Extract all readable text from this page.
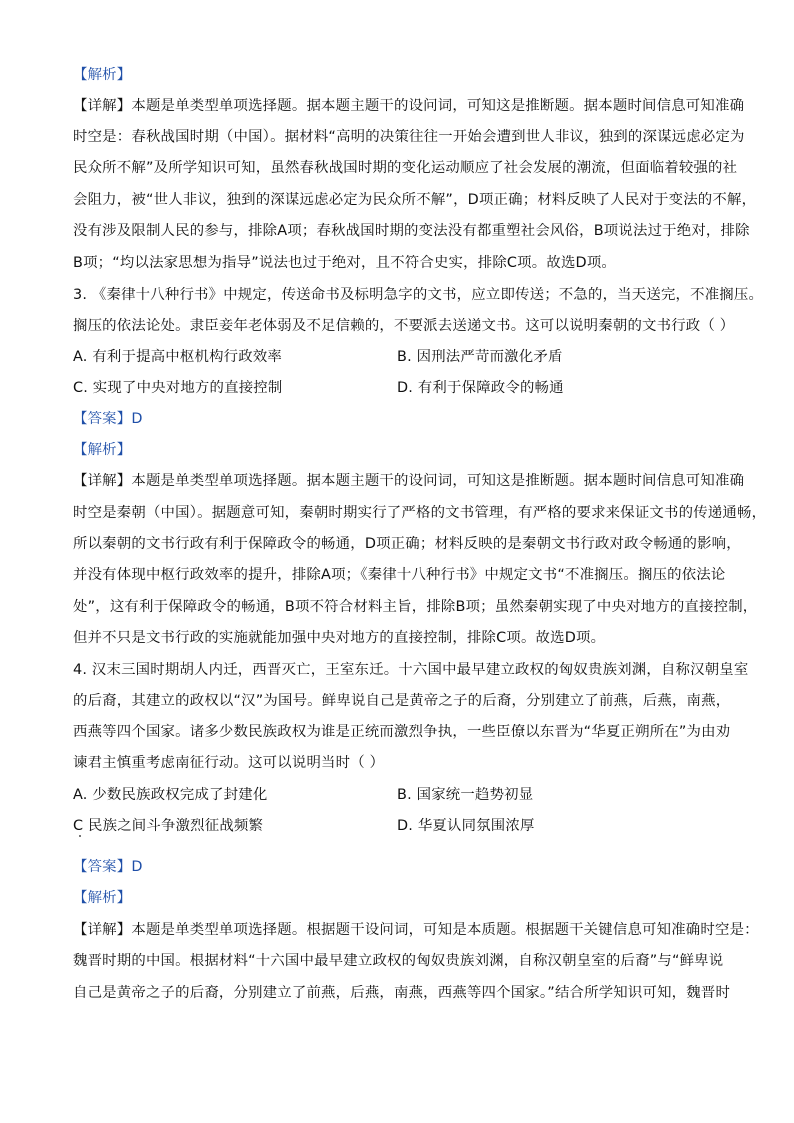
【解析】
【详解】本题是单类型单项选择题。据本题主题干的设问词，可知这是推断题。据本题时间信息可知准确
时空是：春秋战国时期（中国）。据材料“高明的决策往往一开始会遭到世人非议，独到的深谋远虑必定为
民众所不解”及所学知识可知，虽然春秋战国时期的变化运动顺应了社会发展的潮流，但面临着较强的社
会阻力，被“世人非议，独到的深谋远虑必定为民众所不解”，D项正确；材料反映了人民对于变法的不解，
没有涉及限制人民的参与，排除A项；春秋战国时期的变法没有都重塑社会风俗，B项说法过于绝对，排除
B项；“均以法家思想为指导”说法也过于绝对，且不符合史实，排除C项。故选D项。
3. 《秦律十八种行书》中规定，传送命书及标明急字的文书，应立即传送；不急的，当天送完，不准搁压。
搁压的依法论处。隶臣妾年老体弱及不足信赖的，不要派去送递文书。这可以说明秦朝的文书行政（ ）
A. 有利于提高中枢机构行政效率	B. 因刑法严苛而激化矛盾
C. 实现了中央对地方的直接控制	D. 有利于保障政令的畅通
【答案】D
【解析】
【详解】本题是单类型单项选择题。据本题主题干的设问词，可知这是推断题。据本题时间信息可知准确
时空是秦朝（中国）。据题意可知，秦朝时期实行了严格的文书管理，有严格的要求来保证文书的传递通畅，
所以秦朝的文书行政有利于保障政令的畅通，D项正确；材料反映的是秦朝文书行政对政令畅通的影响，
并没有体现中枢行政效率的提升，排除A项；《秦律十八种行书》中规定文书“不准搁压。搁压的依法论
处”，这有利于保障政令的畅通，B项不符合材料主旨，排除B项；虽然秦朝实现了中央对地方的直接控制，
但并不只是文书行政的实施就能加强中央对地方的直接控制，排除C项。故选D项。
4. 汉末三国时期胡人内迁，西晋灭亡，王室东迁。十六国中最早建立政权的匈奴贵族刘渊，自称汉朝皇室
的后裔，其建立的政权以“汉”为国号。鲜卑说自己是黄帝之子的后裔，分别建立了前燕，后燕，南燕，
西燕等四个国家。诸多少数民族政权为谁是正统而激烈争执，一些臣僚以东晋为“华夏正朔所在”为由劝
谏君主慎重考虑南征行动。这可以说明当时（ ）
A. 少数民族政权完成了封建化	B. 国家统一趋势初显
C 民族之间斗争激烈征战频繁	D. 华夏认同氛围浓厚
【答案】D
【解析】
【详解】本题是单类型单项选择题。根据题干设问词，可知是本质题。根据题干关键信息可知准确时空是：
魏晋时期的中国。根据材料“十六国中最早建立政权的匈奴贵族刘渊，自称汉朝皇室的后裔”与“鲜卑说
自己是黄帝之子的后裔，分别建立了前燕，后燕，南燕，西燕等四个国家。”结合所学知识可知，魏晋时
